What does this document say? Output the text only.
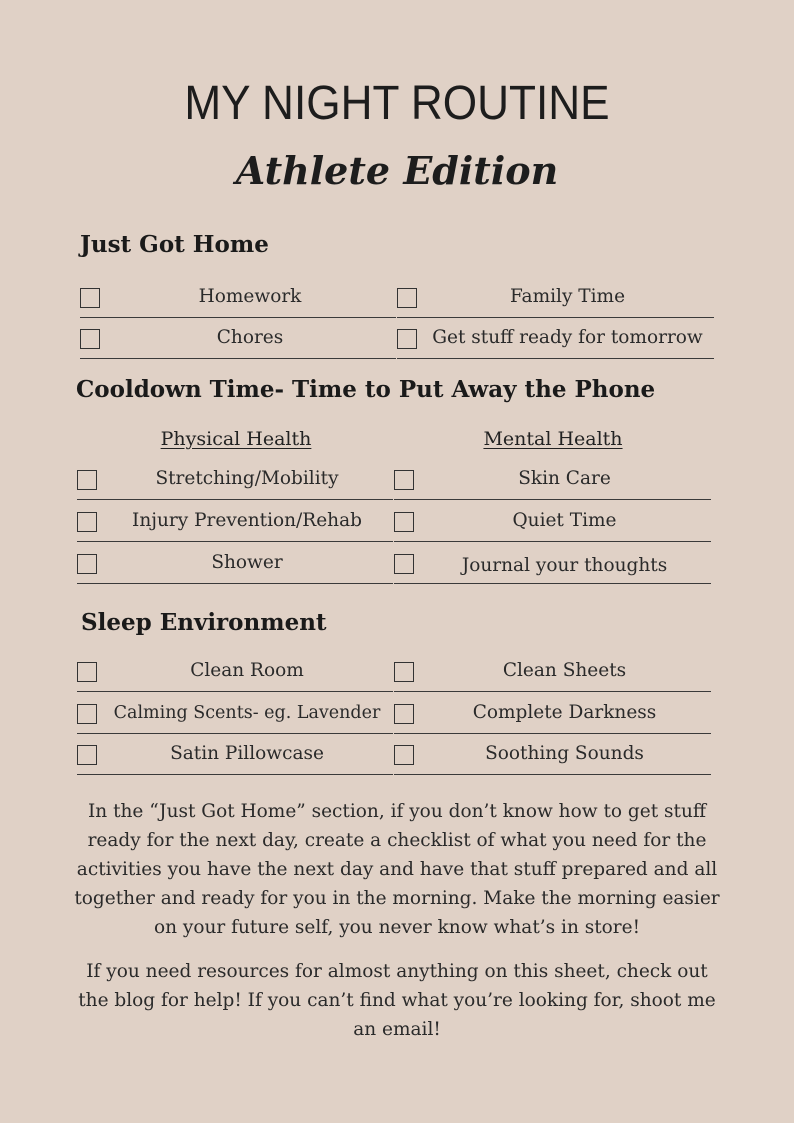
MY NIGHT ROUTINE
Athlete Edition
Just Got Home
Homework	Family Time
Chores	Get stuff ready for tomorrow
Cooldown Time- Time to Put Away the Phone
Physical Health	Mental Health
Stretching/Mobility	Skin Care
Injury Prevention/Rehab	Quiet Time
Shower	Journal your thoughts
Sleep Environment
Clean Room	Clean Sheets
Calming Scents- eg. Lavender	Complete Darkness
Satin Pillowcase	Soothing Sounds

In the “Just Got Home” section, if you don’t know how to get stuff ready for the next day, create a checklist of what you need for the activities you have the next day and have that stuff prepared and all together and ready for you in the morning. Make the morning easier on your future self, you never know what’s in store!

If you need resources for almost anything on this sheet, check out the blog for help! If you can’t find what you’re looking for, shoot me an email!
